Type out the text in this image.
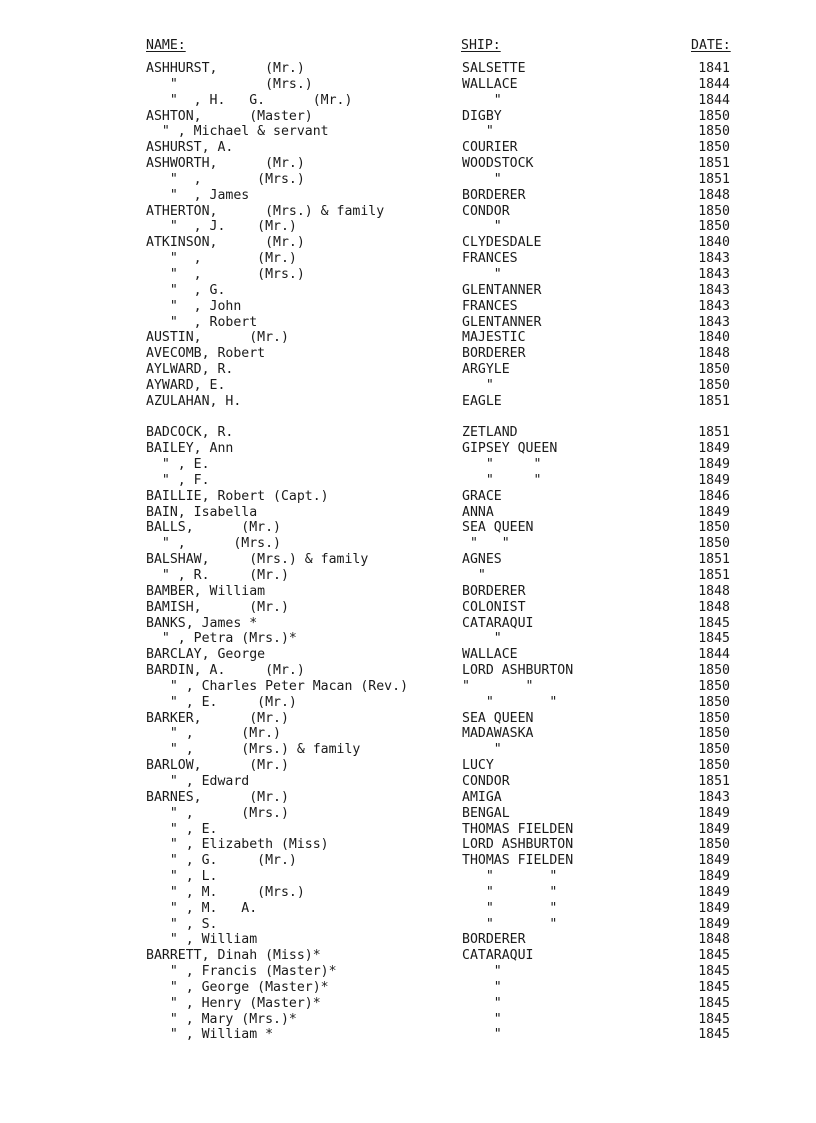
NAME:	SHIP:	DATE:
ASHHURST,      (Mr.)	SALSETTE	1841
"           (Mrs.)	WALLACE	1844
"  , H.   G.      (Mr.)	"	1844
ASHTON,      (Master)	DIGBY	1850
" , Michael & servant	"	1850
ASHURST, A.	COURIER	1850
ASHWORTH,      (Mr.)	WOODSTOCK	1851
"  ,       (Mrs.)	"	1851
"  , James	BORDERER	1848
ATHERTON,      (Mrs.) & family	CONDOR	1850
"  , J.    (Mr.)	"	1850
ATKINSON,      (Mr.)	CLYDESDALE	1840
"  ,       (Mr.)	FRANCES	1843
"  ,       (Mrs.)	"	1843
"  , G.	GLENTANNER	1843
"  , John	FRANCES	1843
"  , Robert	GLENTANNER	1843
AUSTIN,      (Mr.)	MAJESTIC	1840
AVECOMB, Robert	BORDERER	1848
AYLWARD, R.	ARGYLE	1850
AYWARD, E.	"	1850
AZULAHAN, H.	EAGLE	1851
BADCOCK, R.	ZETLAND	1851
BAILEY, Ann	GIPSEY QUEEN	1849
" , E.	"     "	1849
" , F.	"     "	1849
BAILLIE, Robert (Capt.)	GRACE	1846
BAIN, Isabella	ANNA	1849
BALLS,      (Mr.)	SEA QUEEN	1850
" ,      (Mrs.)	"   "	1850
BALSHAW,     (Mrs.) & family	AGNES	1851
" , R.     (Mr.)	"	1851
BAMBER, William	BORDERER	1848
BAMISH,      (Mr.)	COLONIST	1848
BANKS, James *	CATARAQUI	1845
" , Petra (Mrs.)*	"	1845
BARCLAY, George	WALLACE	1844
BARDIN, A.     (Mr.)	LORD ASHBURTON	1850
" , Charles Peter Macan (Rev.)	"       "	1850
" , E.     (Mr.)	"       "	1850
BARKER,      (Mr.)	SEA QUEEN	1850
" ,      (Mr.)	MADAWASKA	1850
" ,      (Mrs.) & family	"	1850
BARLOW,      (Mr.)	LUCY	1850
" , Edward	CONDOR	1851
BARNES,      (Mr.)	AMIGA	1843
" ,      (Mrs.)	BENGAL	1849
" , E.	THOMAS FIELDEN	1849
" , Elizabeth (Miss)	LORD ASHBURTON	1850
" , G.     (Mr.)	THOMAS FIELDEN	1849
" , L.	"       "	1849
" , M.     (Mrs.)	"       "	1849
" , M.   A.	"       "	1849
" , S.	"       "	1849
" , William	BORDERER	1848
BARRETT, Dinah (Miss)*	CATARAQUI	1845
" , Francis (Master)*	"	1845
" , George (Master)*	"	1845
" , Henry (Master)*	"	1845
" , Mary (Mrs.)*	"	1845
" , William *	"	1845
